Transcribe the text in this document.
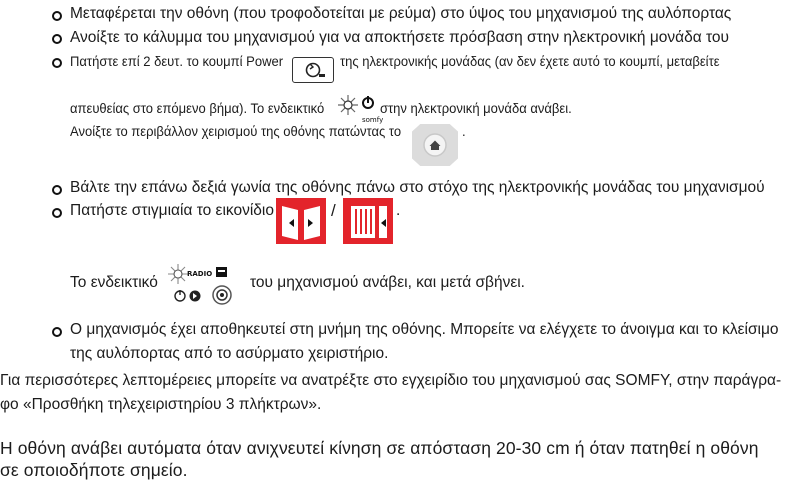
Μεταφέρεται την οθόνη (που τροφοδοτείται με ρεύμα) στο ύψος του μηχανισμού της αυλόπορτας
Ανοίξτε το κάλυμμα του μηχανισμού για να αποκτήσετε πρόσβαση στην ηλεκτρονική μονάδα του
Πατήστε επί 2 δευτ. το κουμπί Power	της ηλεκτρονικής μονάδας (αν δεν έχετε αυτό το κουμπί, μεταβείτε
απευθείας στο επόμενο βήμα). Το ενδεικτικό
somfy
στην ηλεκτρονική μονάδα ανάβει.
Ανοίξτε το περιβάλλον χειρισμού της οθόνης πατώντας το	.
Βάλτε την επάνω δεξιά γωνία της οθόνης πάνω στο στόχο της ηλεκτρονικής μονάδας του μηχανισμού
Πατήστε στιγμιαία το εικονίδιο	/	.
Το ενδεικτικό	RADIO του μηχανισμού ανάβει, και μετά σβήνει.
Ο μηχανισμός έχει αποθηκευτεί στη μνήμη της οθόνης. Μπορείτε να ελέγχετε το άνοιγμα και το κλείσιμο
της αυλόπορτας από το ασύρματο χειριστήριο.
Για περισσότερες λεπτομέρειες μπορείτε να ανατρέξτε στο εγχειρίδιο του μηχανισμού σας SOMFY, στην παράγρα-
φο «Προσθήκη τηλεχειριστηρίου 3 πλήκτρων».
Η οθόνη ανάβει αυτόματα όταν ανιχνευτεί κίνηση σε απόσταση 20-30 cm ή όταν πατηθεί η οθόνη
σε οποιοδήποτε σημείο.
